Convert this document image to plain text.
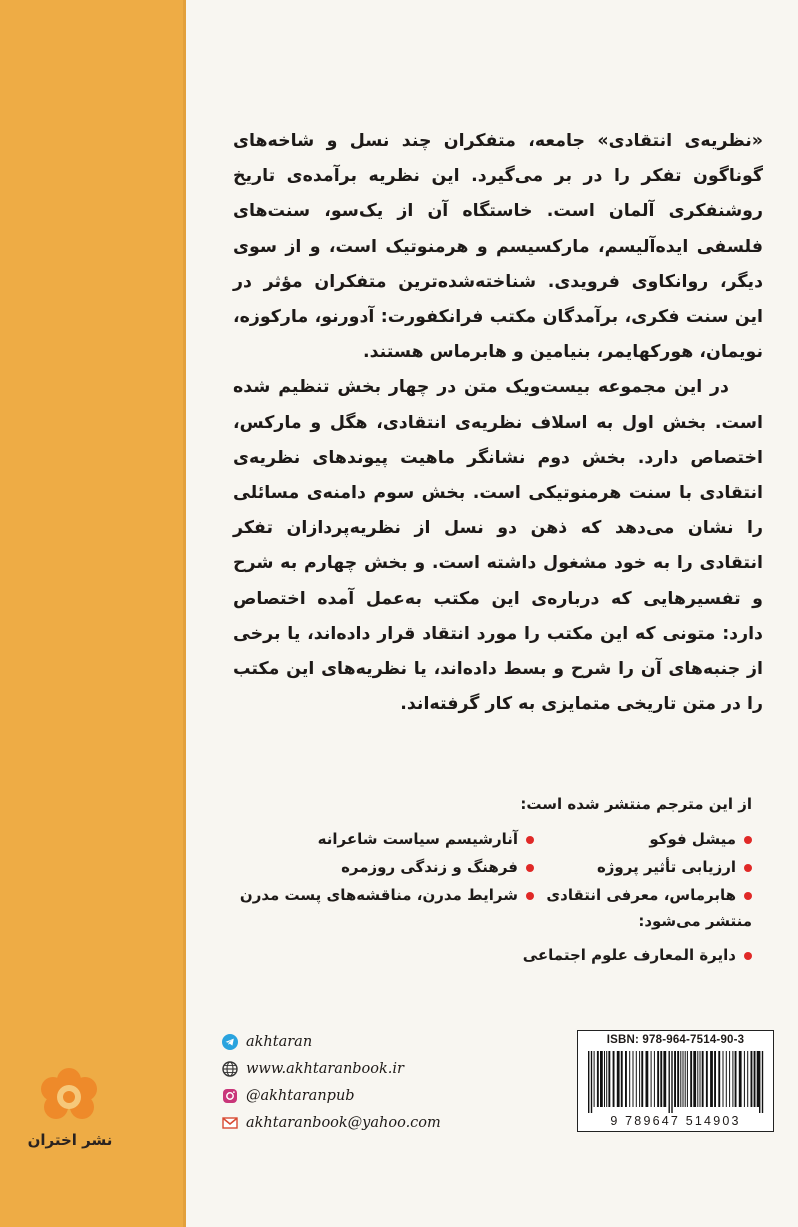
«نظریه‌ی انتقادی» جامعه، متفکران چند نسل و شاخه‌های گوناگون تفکر را در بر می‌گیرد. این نظریه برآمده‌ی تاریخ روشنفکری آلمان است. خاستگاه آن از یک‌سو، سنت‌های فلسفی ایده‌آلیسم، مارکسیسم و هرمنوتیک است، و از سوی دیگر، روانکاوی فرویدی. شناخته‌شده‌ترین متفکران مؤثر در این سنت فکری، برآمدگان مکتب فرانکفورت: آدورنو، مارکوزه، نویمان، هورکهایمر، بنیامین و هابرماس هستند.

در این مجموعه بیست‌ویک متن در چهار بخش تنظیم شده است. بخش اول به اسلاف نظریه‌ی انتقادی، هگل و مارکس، اختصاص دارد. بخش دوم نشانگر ماهیت پیوندهای نظریه‌ی انتقادی با سنت هرمنوتیکی است. بخش سوم دامنه‌ی مسائلی را نشان می‌دهد که ذهن دو نسل از نظریه‌پردازان تفکر انتقادی را به خود مشغول داشته است. و بخش چهارم به شرح و تفسیرهایی که درباره‌ی این مکتب به‌عمل آمده اختصاص دارد: متونی که این مکتب را مورد انتقاد قرار داده‌اند، یا برخی از جنبه‌های آن را شرح و بسط داده‌اند، یا نظریه‌های این مکتب را در متن تاریخی متمایزی به کار گرفته‌اند.

از این مترجم منتشر شده است:
میشل فوکو
آنارشیسم سیاست شاعرانه
ارزیابی تأثیر پروژه
فرهنگ و زندگی روزمره
هابرماس، معرفی انتقادی
شرایط مدرن، مناقشه‌های پست مدرن
منتشر می‌شود:
دایرة المعارف علوم اجتماعی
akhtaran
www.akhtaranbook.ir
@akhtaranpub
akhtaranbook@yahoo.com
ISBN: 978-964-7514-90-3
9 789647 514903
نشر اختران
